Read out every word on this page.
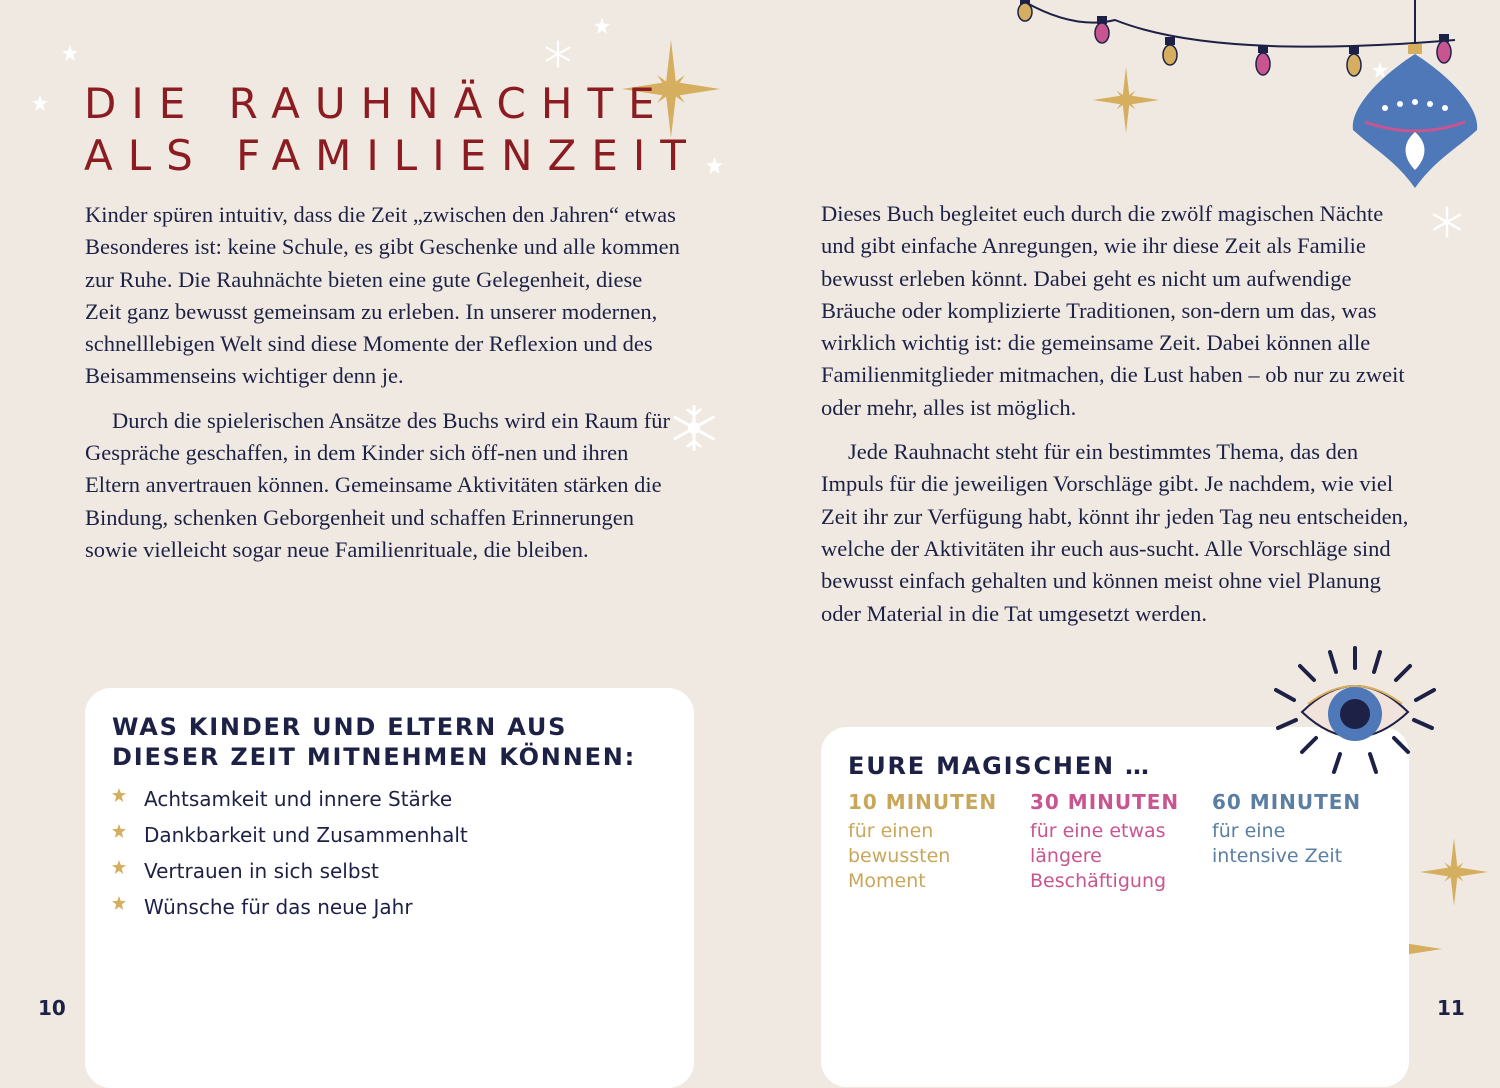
DIE RAUHNÄCHTE
ALS FAMILIENZEIT

Kinder spüren intuitiv, dass die Zeit „zwischen den Jahren“ etwas Besonderes ist: keine Schule, es gibt Geschenke und alle kommen zur Ruhe. Die Rauhnächte bieten eine gute Gelegenheit, diese Zeit ganz bewusst gemeinsam zu erleben. In unserer modernen, schnelllebigen Welt sind diese Momente der Reflexion und des Beisammenseins wichtiger denn je.

Durch die spielerischen Ansätze des Buchs wird ein Raum für Gespräche geschaffen, in dem Kinder sich öff-nen und ihren Eltern anvertrauen können. Gemeinsame Aktivitäten stärken die Bindung, schenken Geborgenheit und schaffen Erinnerungen sowie vielleicht sogar neue Familienrituale, die bleiben.

Dieses Buch begleitet euch durch die zwölf magischen Nächte und gibt einfache Anregungen, wie ihr diese Zeit als Familie bewusst erleben könnt. Dabei geht es nicht um aufwendige Bräuche oder komplizierte Traditionen, son-dern um das, was wirklich wichtig ist: die gemeinsame Zeit. Dabei können alle Familienmitglieder mitmachen, die Lust haben – ob nur zu zweit oder mehr, alles ist möglich.

Jede Rauhnacht steht für ein bestimmtes Thema, das den Impuls für die jeweiligen Vorschläge gibt. Je nachdem, wie viel Zeit ihr zur Verfügung habt, könnt ihr jeden Tag neu entscheiden, welche der Aktivitäten ihr euch aus-sucht. Alle Vorschläge sind bewusst einfach gehalten und können meist ohne viel Planung oder Material in die Tat umgesetzt werden.

WAS KINDER UND ELTERN AUS
DIESER ZEIT MITNEHMEN KÖNNEN:
Achtsamkeit und innere Stärke
Dankbarkeit und Zusammenhalt
Vertrauen in sich selbst
Wünsche für das neue Jahr
EURE MAGISCHEN …
10 MINUTEN
für einen bewussten Moment
30 MINUTEN
für eine etwas längere Beschäftigung
60 MINUTEN
für eine intensive Zeit
10	11
